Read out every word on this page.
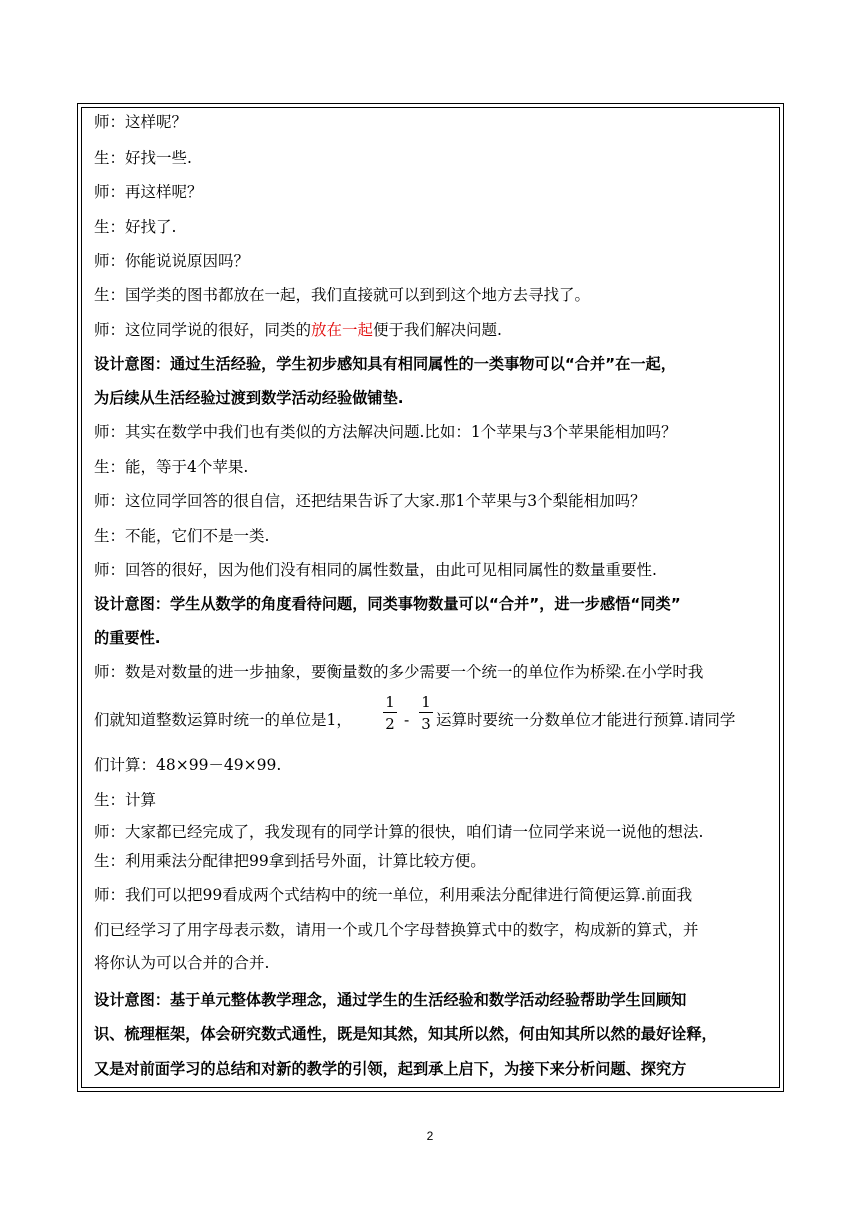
师：这样呢？
生：好找一些.
师：再这样呢？
生：好找了.
师：你能说说原因吗？
生：国学类的图书都放在一起，我们直接就可以到到这个地方去寻找了。
师：这位同学说的很好，同类的放在一起便于我们解决问题.
设计意图：通过生活经验，学生初步感知具有相同属性的一类事物可以“合并”在一起，
为后续从生活经验过渡到数学活动经验做铺垫.
师：其实在数学中我们也有类似的方法解决问题.比如：1个苹果与3个苹果能相加吗？
生：能，等于4个苹果.
师：这位同学回答的很自信，还把结果告诉了大家.那1个苹果与3个梨能相加吗？
生：不能，它们不是一类.
师：回答的很好，因为他们没有相同的属性数量，由此可见相同属性的数量重要性.
设计意图：学生从数学的角度看待问题，同类事物数量可以“合并”，进一步感悟“同类”
的重要性.
师：数是对数量的进一步抽象，要衡量数的多少需要一个统一的单位作为桥梁.在小学时我
们就知道整数运算时统一的单位是1，
1
2 -
1
3 运算时要统一分数单位才能进行预算.请同学
们计算：48×99－49×99.
生：计算
师：大家都已经完成了，我发现有的同学计算的很快，咱们请一位同学来说一说他的想法.
生：利用乘法分配律把99拿到括号外面，计算比较方便。
师：我们可以把99看成两个式结构中的统一单位，利用乘法分配律进行简便运算.前面我
们已经学习了用字母表示数，请用一个或几个字母替换算式中的数字，构成新的算式，并
将你认为可以合并的合并.
设计意图：基于单元整体教学理念，通过学生的生活经验和数学活动经验帮助学生回顾知
识、梳理框架，体会研究数式通性，既是知其然，知其所以然，何由知其所以然的最好诠释，
又是对前面学习的总结和对新的教学的引领，起到承上启下，为接下来分析问题、探究方
2
